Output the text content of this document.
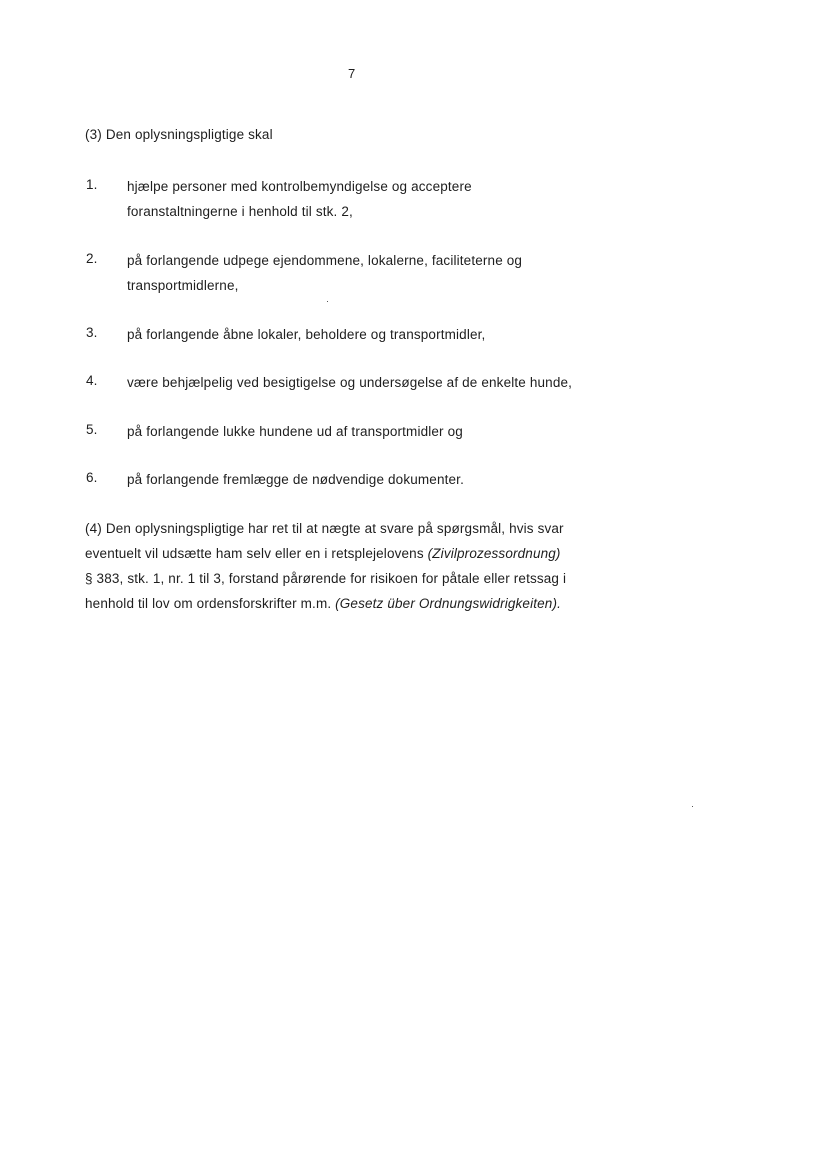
7
(3) Den oplysningspligtige skal
1. hjælpe personer med kontrolbemyndigelse og acceptere
foranstaltningerne i henhold til stk. 2,
2. på forlangende udpege ejendommene, lokalerne, faciliteterne og
transportmidlerne,
3. på forlangende åbne lokaler, beholdere og transportmidler,
4. være behjælpelig ved besigtigelse og undersøgelse af de enkelte hunde,
5. på forlangende lukke hundene ud af transportmidler og
6. på forlangende fremlægge de nødvendige dokumenter.
(4) Den oplysningspligtige har ret til at nægte at svare på spørgsmål, hvis svar
eventuelt vil udsætte ham selv eller en i retsplejelovens (Zivilprozessordnung)
§ 383, stk. 1, nr. 1 til 3, forstand pårørende for risikoen for påtale eller retssag i
henhold til lov om ordensforskrifter m.m. (Gesetz über Ordnungswidrigkeiten).
